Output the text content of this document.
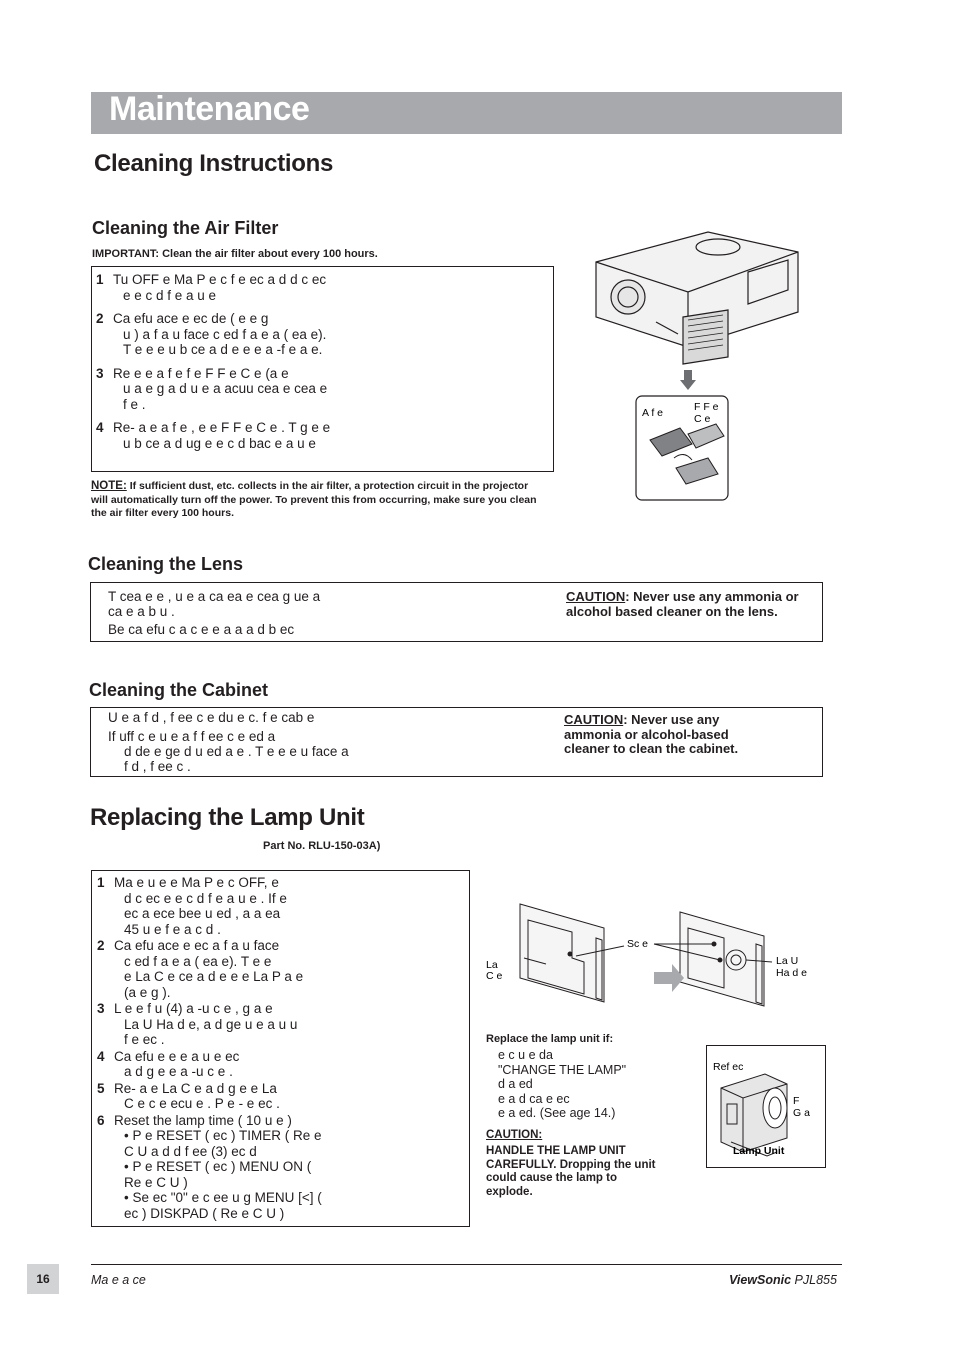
Maintenance
Cleaning Instructions
Cleaning the Air Filter
IMPORTANT: Clean the air filter about every 100 hours.
1 Tu OFF e Ma P e c f e ec a d d c ec
e e c d f e a u e
2 Ca efu ace e ec de ( e e g
u ) a f a u face c ed f a e a ( ea e).
T e e e u b ce a d e e e a -f e a e.
3 Re e e a f e f e F F e C e (a e
u a e g a d u e a acuu cea e cea e
f e .
4 Re- a e a f e , e e F F e C e . T g e e
u b ce a d ug e e c d bac e a u e
NOTE: If sufficient dust, etc. collects in the air filter, a protection circuit in the projector
will automatically turn off the power. To prevent this from occurring, make sure you clean
the air filter every 100 hours.
A f e	F F e
C e
Cleaning the Lens
T cea e e , u e a ca ea e cea g ue a
ca e a b u .
Be ca efu c a c e e a a a d b ec
CAUTION: Never use any ammonia or alcohol based cleaner on the lens.
Cleaning the Cabinet
U e a f d , f ee c e du e c. f e cab e
If uff c e u e a f f ee c e ed a
d de e ge d u ed a e . T e e e u face a
f d , f ee c .
CAUTION: Never use any ammonia or alcohol-based cleaner to clean the cabinet.
Replacing the Lamp Unit
Part No. RLU-150-03A)
1 Ma e u e e Ma P e c OFF, e
d c ec e e c d f e a u e . If e
ec a ece bee u ed , a a ea
45 u e f e a c d .
2 Ca efu ace e ec a f a u face
c ed f a e a ( ea e). T e e
e La C e ce a d e e e La P a e
(a e g ).
3 L e e f u (4) a -u c e , g a e
La U Ha d e, a d ge u e a u u
f e ec .
4 Ca efu e e e a u e ec
a d g e e a -u c e .
5 Re- a e La C e a d g e e La
C e c e ecu e . P e - e ec .
6 Reset the lamp time ( 10 u e )
• P e RESET ( ec ) TIMER ( Re e
C U a d d f ee (3) ec d
• P e RESET ( ec ) MENU ON (
Re e C U )
• Se ec "0" e c ee u g MENU [<] (
ec ) DISKPAD ( Re e C U )
La
C e
Sc e
La U
Ha d e
Replace the lamp unit if:
e c u e da
"CHANGE THE LAMP"
d a ed
e a d ca e ec
e a ed. (See age 14.)
CAUTION:
HANDLE THE LAMP UNIT
CAREFULLY. Dropping the unit
could cause the lamp to
explode.
Ref ec
F
G a
Lamp Unit
16	Ma e a ce	ViewSonic PJL855
